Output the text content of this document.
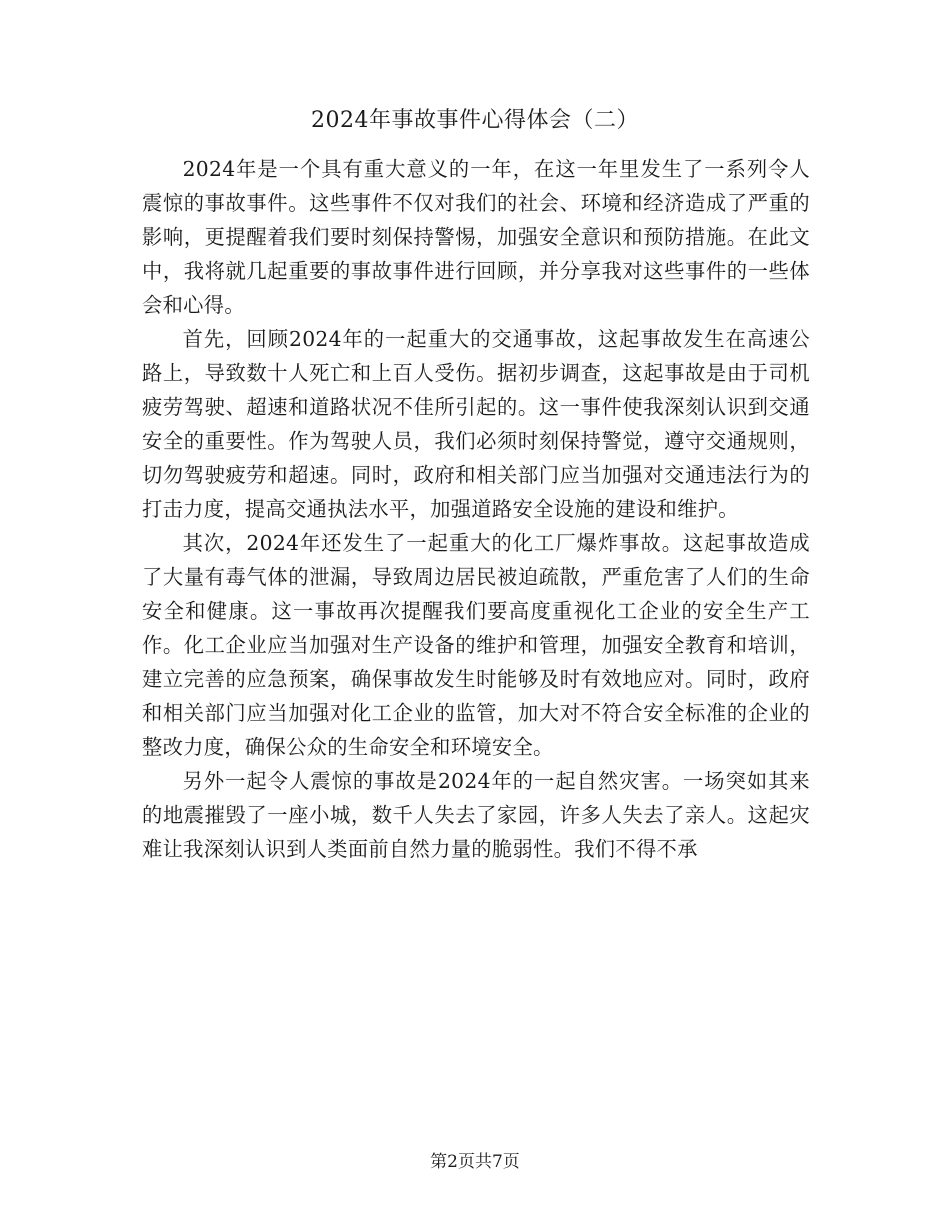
2024年事故事件心得体会（二）

2024年是一个具有重大意义的一年，在这一年里发生了一系列令人震惊的事故事件。这些事件不仅对我们的社会、环境和经济造成了严重的影响，更提醒着我们要时刻保持警惕，加强安全意识和预防措施。在此文中，我将就几起重要的事故事件进行回顾，并分享我对这些事件的一些体会和心得。

首先，回顾2024年的一起重大的交通事故，这起事故发生在高速公路上，导致数十人死亡和上百人受伤。据初步调查，这起事故是由于司机疲劳驾驶、超速和道路状况不佳所引起的。这一事件使我深刻认识到交通安全的重要性。作为驾驶人员，我们必须时刻保持警觉，遵守交通规则，切勿驾驶疲劳和超速。同时，政府和相关部门应当加强对交通违法行为的打击力度，提高交通执法水平，加强道路安全设施的建设和维护。

其次，2024年还发生了一起重大的化工厂爆炸事故。这起事故造成了大量有毒气体的泄漏，导致周边居民被迫疏散，严重危害了人们的生命安全和健康。这一事故再次提醒我们要高度重视化工企业的安全生产工作。化工企业应当加强对生产设备的维护和管理，加强安全教育和培训，建立完善的应急预案，确保事故发生时能够及时有效地应对。同时，政府和相关部门应当加强对化工企业的监管，加大对不符合安全标准的企业的整改力度，确保公众的生命安全和环境安全。

另外一起令人震惊的事故是2024年的一起自然灾害。一场突如其来的地震摧毁了一座小城，数千人失去了家园，许多人失去了亲人。这起灾难让我深刻认识到人类面前自然力量的脆弱性。我们不得不承

第2页共7页
